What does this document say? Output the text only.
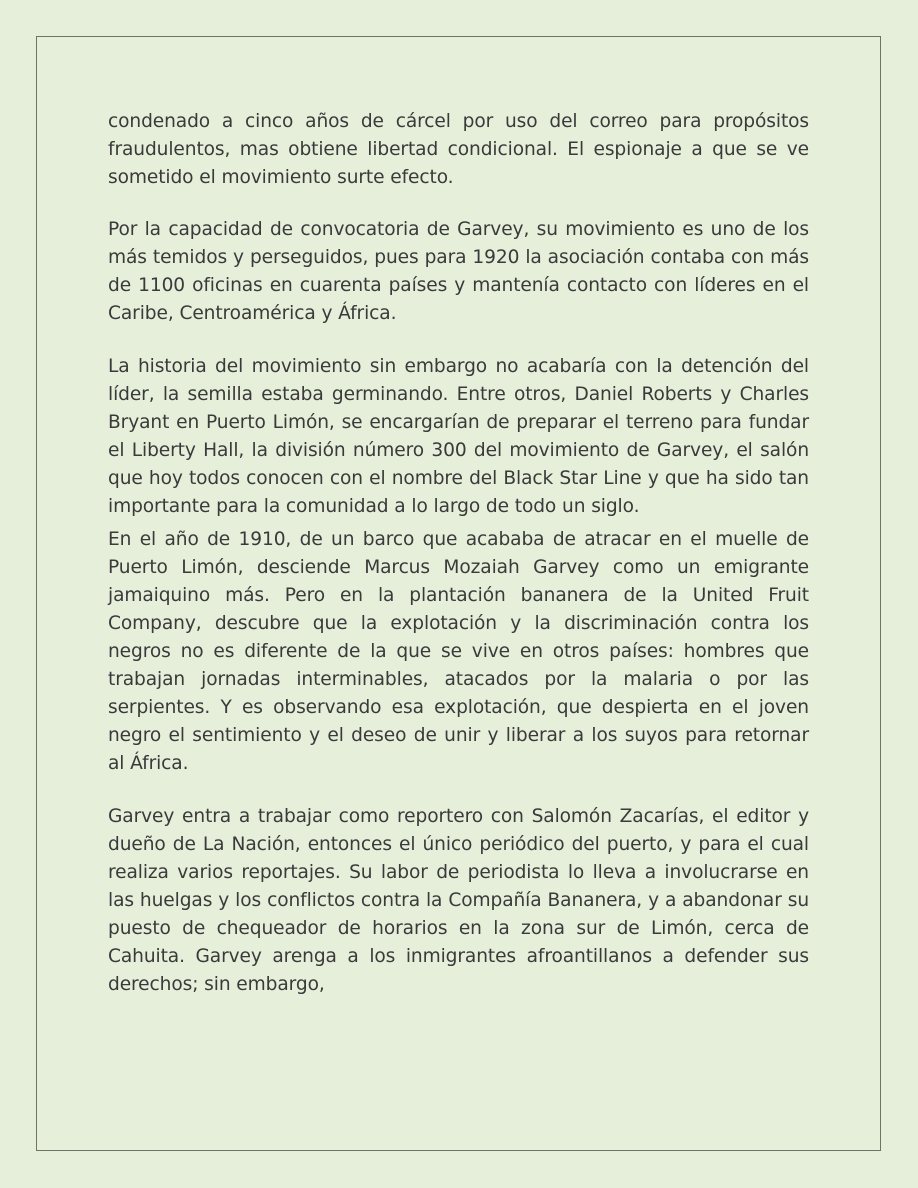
condenado a cinco años de cárcel por uso del correo para propósitos fraudulentos, mas obtiene libertad condicional. El espionaje a que se ve sometido el movimiento surte efecto.

Por la capacidad de convocatoria de Garvey, su movimiento es uno de los más temidos y perseguidos, pues para 1920 la asociación contaba con más de 1100 oficinas en cuarenta países y mantenía contacto con líderes en el Caribe, Centroamérica y África.

La historia del movimiento sin embargo no acabaría con la detención del líder, la semilla estaba germinando. Entre otros, Daniel Roberts y Charles Bryant en Puerto Limón, se encargarían de preparar el terreno para fundar el Liberty Hall, la división número 300 del movimiento de Garvey, el salón que hoy todos conocen con el nombre del Black Star Line y que ha sido tan importante para la comunidad a lo largo de todo un siglo.

En el año de 1910, de un barco que acababa de atracar en el muelle de Puerto Limón, desciende Marcus Mozaiah Garvey como un emigrante jamaiquino más. Pero en la plantación bananera de la United Fruit Company, descubre que la explotación y la discriminación contra los negros no es diferente de la que se vive en otros países: hombres que trabajan jornadas interminables, atacados por la malaria o por las serpientes. Y es observando esa explotación, que despierta en el joven negro el sentimiento y el deseo de unir y liberar a los suyos para retornar al África.

Garvey entra a trabajar como reportero con Salomón Zacarías, el editor y dueño de La Nación, entonces el único periódico del puerto, y para el cual realiza varios reportajes. Su labor de periodista lo lleva a involucrarse en las huelgas y los conflictos contra la Compañía Bananera, y a abandonar su puesto de chequeador de horarios en la zona sur de Limón, cerca de Cahuita. Garvey arenga a los inmigrantes afroantillanos a defender sus derechos; sin embargo,
